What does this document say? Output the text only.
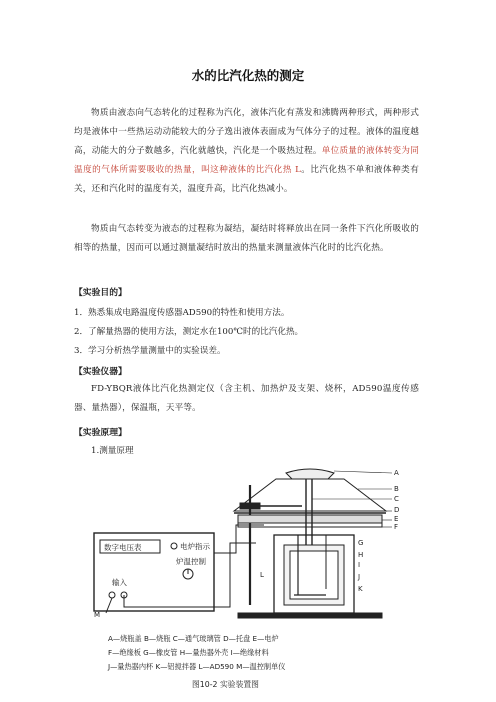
水的比汽化热的测定
物质由液态向气态转化的过程称为汽化，液体汽化有蒸发和沸腾两种形式，两种形式均是液体中一些热运动动能较大的分子逸出液体表面成为气体分子的过程。液体的温度越高，动能大的分子数越多，汽化就越快，汽化是一个吸热过程。单位质量的液体转变为同温度的气体所需要吸收的热量，叫这种液体的比汽化热 L。比汽化热不单和液体种类有关，还和汽化时的温度有关，温度升高，比汽化热减小。
物质由气态转变为液态的过程称为凝结，凝结时将释放出在同一条件下汽化所吸收的相等的热量，因而可以通过测量凝结时放出的热量来测量液体汽化时的比汽化热。
【实验目的】
1．熟悉集成电路温度传感器AD590的特性和使用方法。
2．了解量热器的使用方法，测定水在100℃时的比汽化热。
3．学习分析热学量测量中的实验误差。
【实验仪器】
FD-YBQR液体比汽化热测定仪（含主机、加热炉及支架、烧杯，AD590温度传感器、量热器），保温瓶，天平等。
【实验原理】
1.测量原理
数字电压表	电炉指示
炉温控制
输入
M
A
B
C
D
E
F
G
H
I
J
K
L
A—烧瓶盖 B—烧瓶 C—通气玻璃管 D—托盘 E—电炉
F—绝缘板 G—橡皮管 H—量热器外壳 I—绝缘材料
J—量热器内杯 K—铝搅拌器 L—AD590 M—温控制单仪
图10-2 实验装置图
